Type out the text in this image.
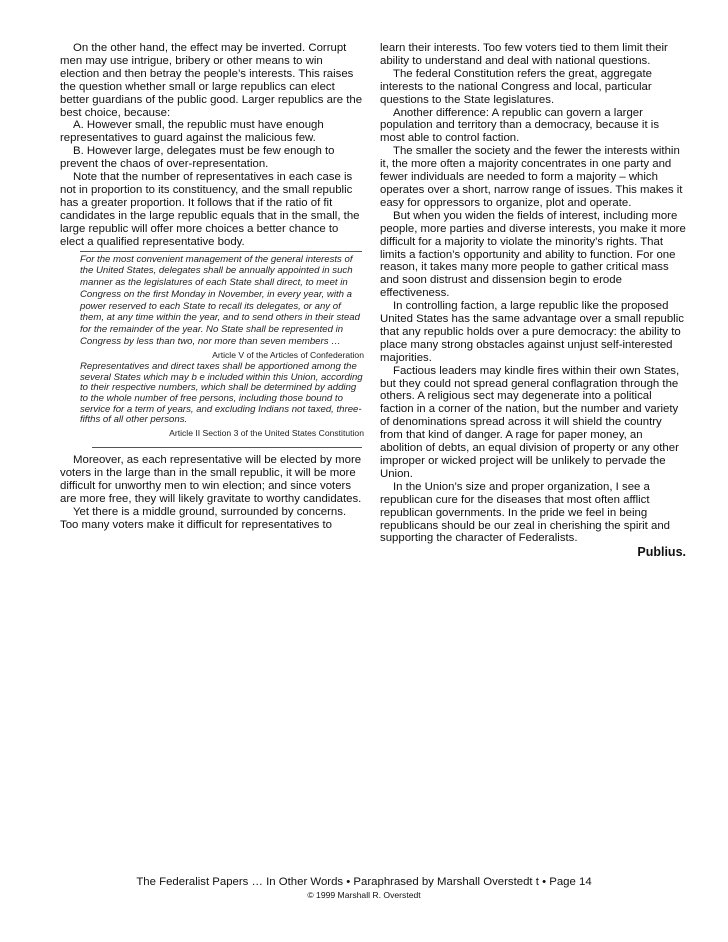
On the other hand, the effect may be inverted. Corrupt men may use intrigue, bribery or other means to win election and then betray the people’s interests. This raises the question whether small or large republics can elect better guardians of the public good. Larger republics are the best choice, because:

A. However small, the republic must have enough representatives to guard against the malicious few.

B. However large, delegates must be few enough to prevent the chaos of over-representation.

Note that the number of representatives in each case is not in proportion to its constituency, and the small republic has a greater proportion. It follows that if the ratio of fit candidates in the large republic equals that in the small, the large republic will offer more choices a better chance to elect a qualified representative body.

For the most convenient management of the general interests of the United States, delegates shall be annually appointed in such manner as the legislatures of each State shall direct, to meet in Congress on the first Monday in November, in every year, with a power reserved to each State to recall its delegates, or any of them, at any time within the year, and to send others in their stead for the remainder of the year. No State shall be represented in Congress by less than two, nor more than seven members …

Article V of the Articles of Confederation

Representatives and direct taxes shall be apportioned among the several States which may b e included within this Union, according to their respective numbers, which shall be determined by adding to the whole number of free persons, including those bound to service for a term of years, and excluding Indians not taxed, three-fifths of all other persons.

Article II Section 3 of the United States Constitution

Moreover, as each representative will be elected by more voters in the large than in the small republic, it will be more difficult for unworthy men to win election; and since voters are more free, they will likely gravitate to worthy candidates.

Yet there is a middle ground, surrounded by concerns. Too many voters make it difficult for representatives to

learn their interests. Too few voters tied to them limit their ability to understand and deal with national questions.

The federal Constitution refers the great, aggregate interests to the national Congress and local, particular questions to the State legislatures.

Another difference: A republic can govern a larger population and territory than a democracy, because it is most able to control faction.

The smaller the society and the fewer the interests within it, the more often a majority concentrates in one party and fewer individuals are needed to form a majority – which operates over a short, narrow range of issues. This makes it easy for oppressors to organize, plot and operate.

But when you widen the fields of interest, including more people, more parties and diverse interests, you make it more difficult for a majority to violate the minority’s rights. That limits a faction’s opportunity and ability to function. For one reason, it takes many more people to gather critical mass and soon distrust and dissension begin to erode effectiveness.

In controlling faction, a large republic like the proposed United States has the same advantage over a small republic that any republic holds over a pure democracy: the ability to place many strong obstacles against unjust self-interested majorities.

Factious leaders may kindle fires within their own States, but they could not spread general conflagration through the others. A religious sect may degenerate into a political faction in a corner of the nation, but the number and variety of denominations spread across it will shield the country from that kind of danger. A rage for paper money, an abolition of debts, an equal division of property or any other improper or wicked project will be unlikely to pervade the Union.

In the Union’s size and proper organization, I see a republican cure for the diseases that most often afflict republican governments. In the pride we feel in being republicans should be our zeal in cherishing the spirit and supporting the character of Federalists.

Publius.
The Federalist Papers … In Other Words • Paraphrased by Marshall Overstedt t • Page 14
© 1999 Marshall R. Overstedt
